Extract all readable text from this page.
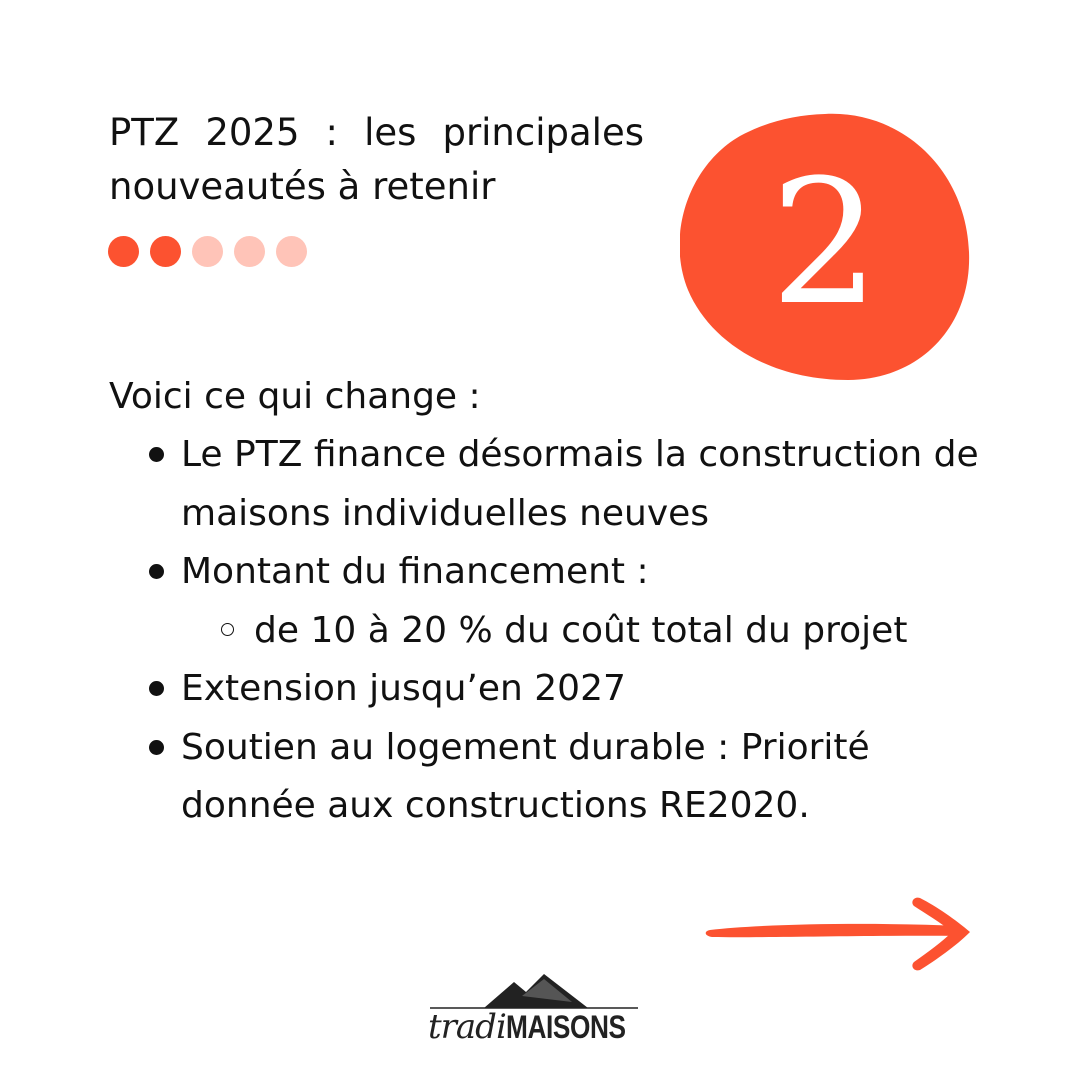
PTZ 2025 : les principales nouveautés à retenir	2

Voici ce qui change :

Le PTZ finance désormais la construction de maisons individuelles neuves
Montant du financement :
de 10 à 20 % du coût total du projet
Extension jusqu’en 2027
Soutien au logement durable : Priorité donnée aux constructions RE2020.
tradiMAISONS
